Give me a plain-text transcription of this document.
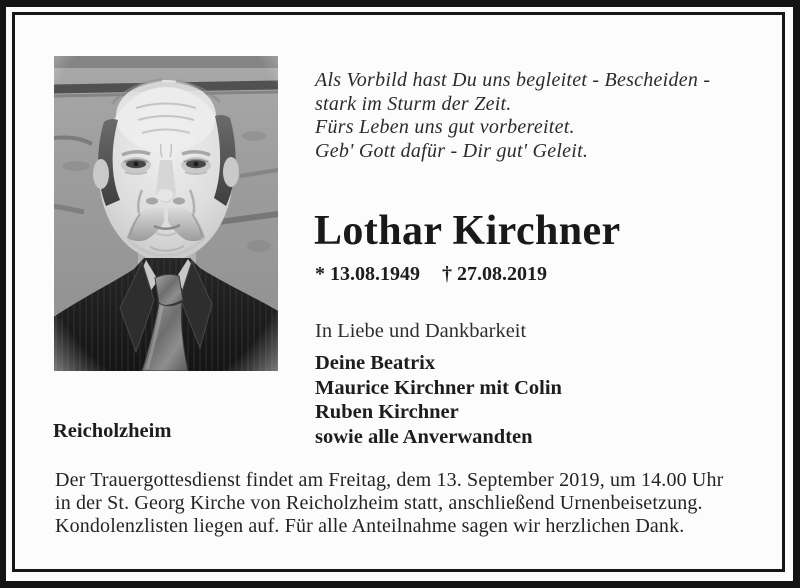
Als Vorbild hast Du uns begleitet - Bescheiden -
stark im Sturm der Zeit.
Fürs Leben uns gut vorbereitet.
Geb' Gott dafür - Dir gut' Geleit.
Lothar Kirchner
* 13.08.1949 † 27.08.2019
In Liebe und Dankbarkeit
Deine Beatrix
Maurice Kirchner mit Colin
Ruben Kirchner
sowie alle Anverwandten
Reicholzheim
Der Trauergottesdienst findet am Freitag, dem 13. September 2019, um 14.00 Uhr
in der St. Georg Kirche von Reicholzheim statt, anschließend Urnenbeisetzung.
Kondolenzlisten liegen auf. Für alle Anteilnahme sagen wir herzlichen Dank.
